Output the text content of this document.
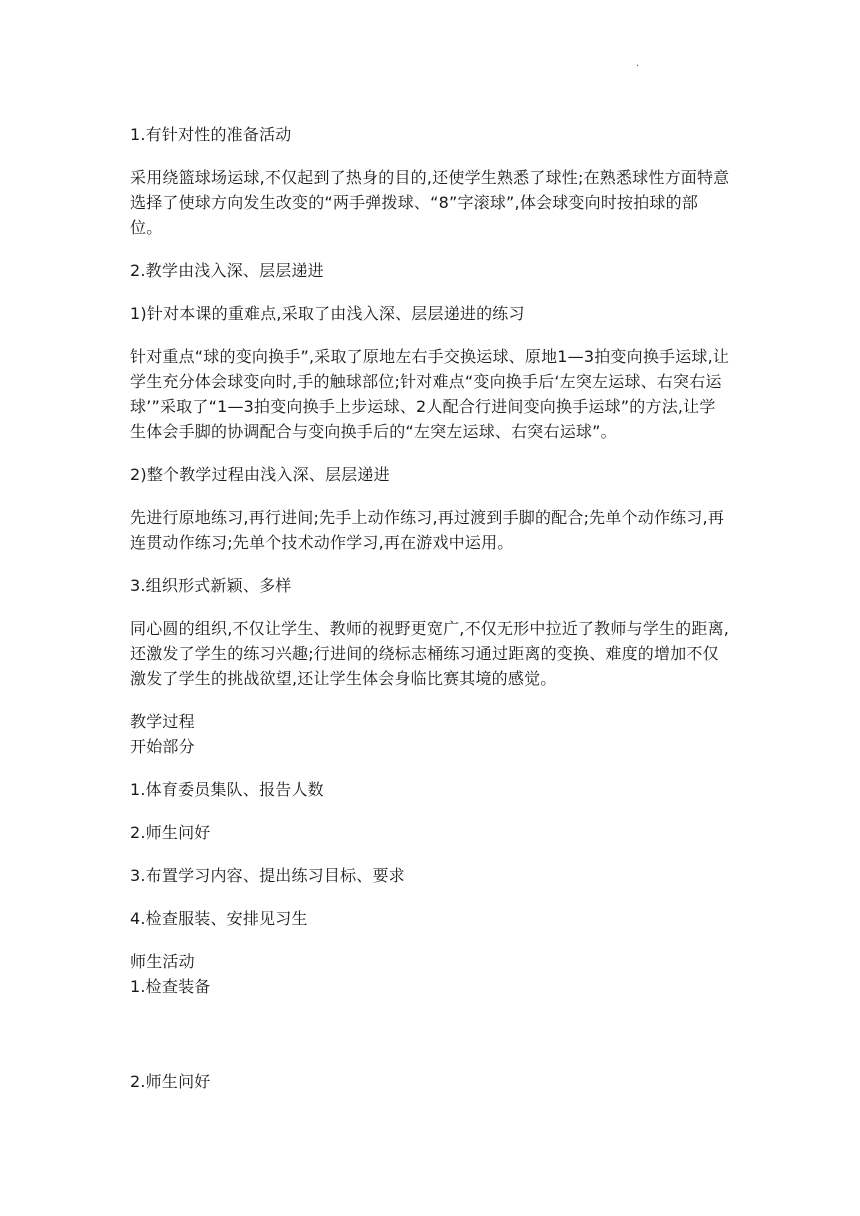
.

1.有针对性的准备活动

采用绕篮球场运球,不仅起到了热身的目的,还使学生熟悉了球性;在熟悉球性方面特意选择了使球方向发生改变的“两手弹拨球、“8”字滚球”,体会球变向时按拍球的部位。

2.教学由浅入深、层层递进

1)针对本课的重难点,采取了由浅入深、层层递进的练习

针对重点“球的变向换手”,采取了原地左右手交换运球、原地1—3拍变向换手运球,让学生充分体会球变向时,手的触球部位;针对难点“变向换手后‘左突左运球、右突右运球’”采取了“1—3拍变向换手上步运球、2人配合行进间变向换手运球”的方法,让学生体会手脚的协调配合与变向换手后的“左突左运球、右突右运球”。

2)整个教学过程由浅入深、层层递进

先进行原地练习,再行进间;先手上动作练习,再过渡到手脚的配合;先单个动作练习,再连贯动作练习;先单个技术动作学习,再在游戏中运用。

3.组织形式新颖、多样

同心圆的组织,不仅让学生、教师的视野更宽广,不仅无形中拉近了教师与学生的距离,还激发了学生的练习兴趣;行进间的绕标志桶练习通过距离的变换、难度的增加不仅激发了学生的挑战欲望,还让学生体会身临比赛其境的感觉。

教学过程

开始部分

1.体育委员集队、报告人数

2.师生问好

3.布置学习内容、提出练习目标、要求

4.检查服装、安排见习生

师生活动

1.检查装备

2.师生问好
